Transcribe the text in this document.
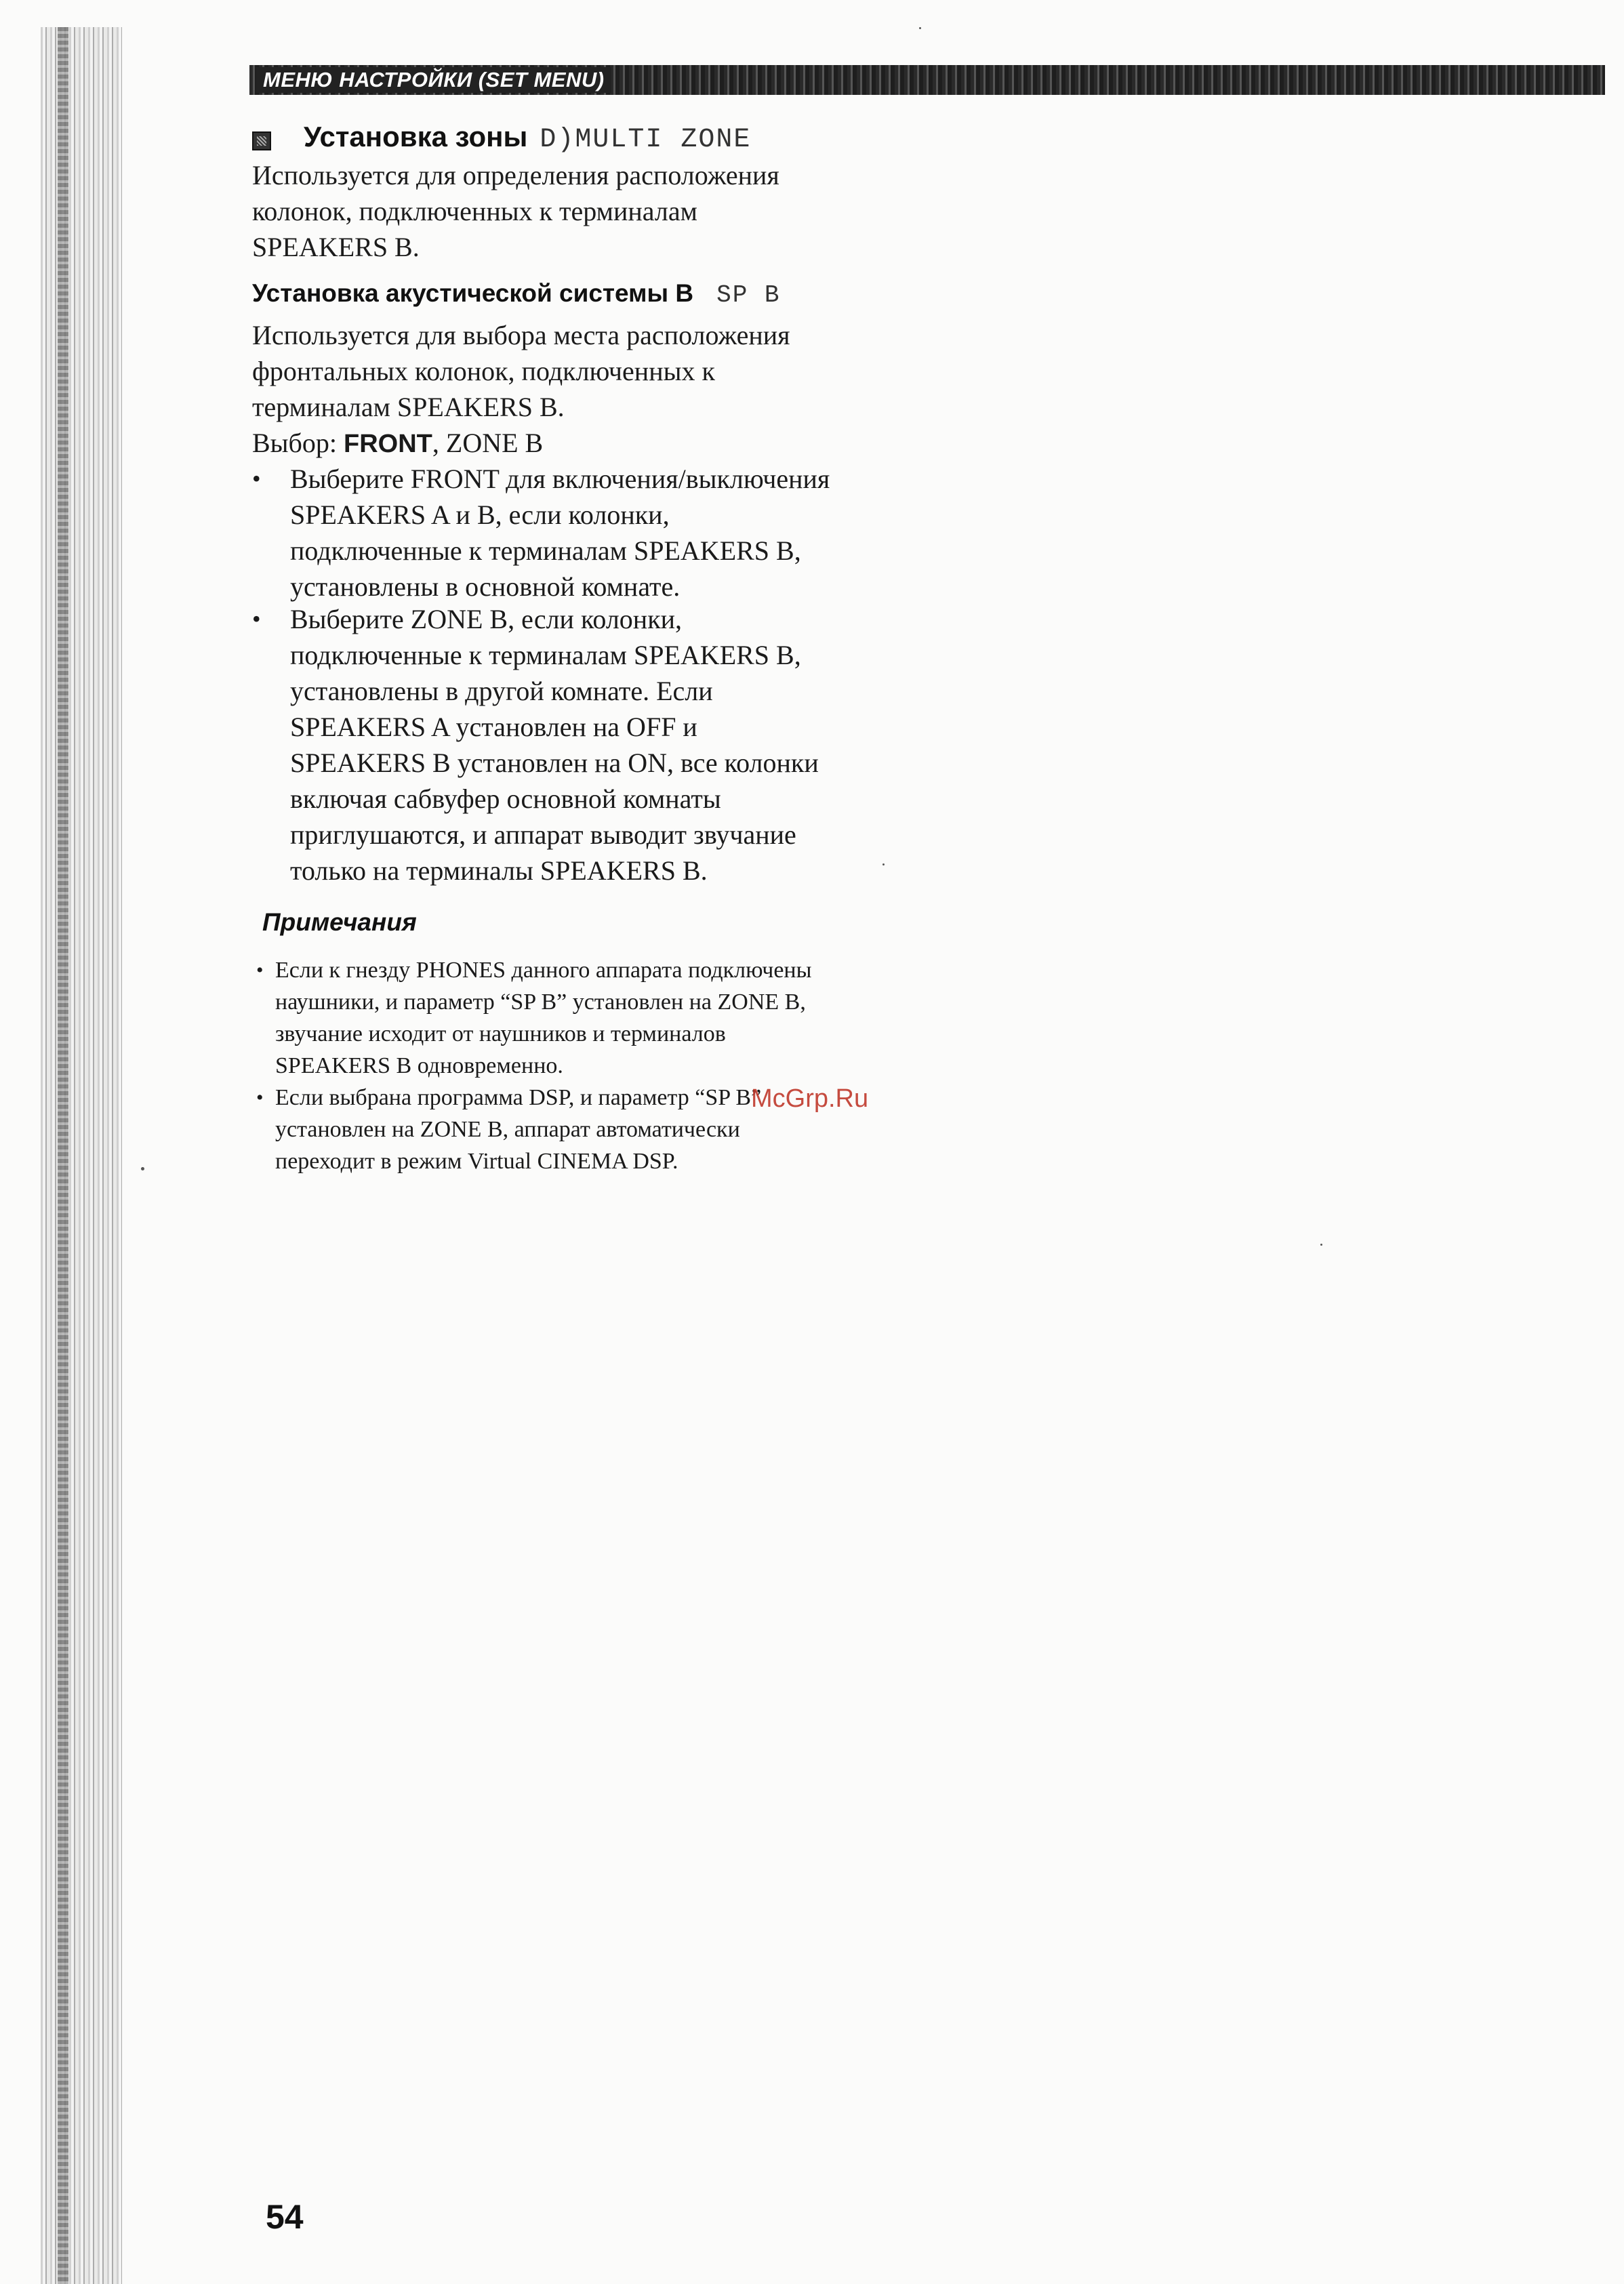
МЕНЮ НАСТРОЙКИ (SET MENU)
Установка зоны D)MULTI ZONE
Используется для определения расположения
колонок, подключенных к терминалам
SPEAKERS B.
Установка акустической системы B SP B
Используется для выбора места расположения
фронтальных колонок, подключенных к
терминалам SPEAKERS B.
Выбор: FRONT, ZONE B
•	Выберите FRONT для включения/выключения
SPEAKERS A и B, если колонки,
подключенные к терминалам SPEAKERS B,
установлены в основной комнате.
•	Выберите ZONE B, если колонки,
подключенные к терминалам SPEAKERS B,
установлены в другой комнате. Если
SPEAKERS A установлен на OFF и
SPEAKERS B установлен на ON, все колонки
включая сабвуфер основной комнаты
приглушаются, и аппарат выводит звучание
только на терминалы SPEAKERS B.
Примечания
• Если к гнезду PHONES данного аппарата подключены
наушники, и параметр “SP B” установлен на ZONE B,
звучание исходит от наушников и терминалов
SPEAKERS B одновременно.
• Если выбрана программа DSP, и параметр “SP B”
установлен на ZONE B, аппарат автоматически
переходит в режим Virtual CINEMA DSP.
McGrp.Ru
54
